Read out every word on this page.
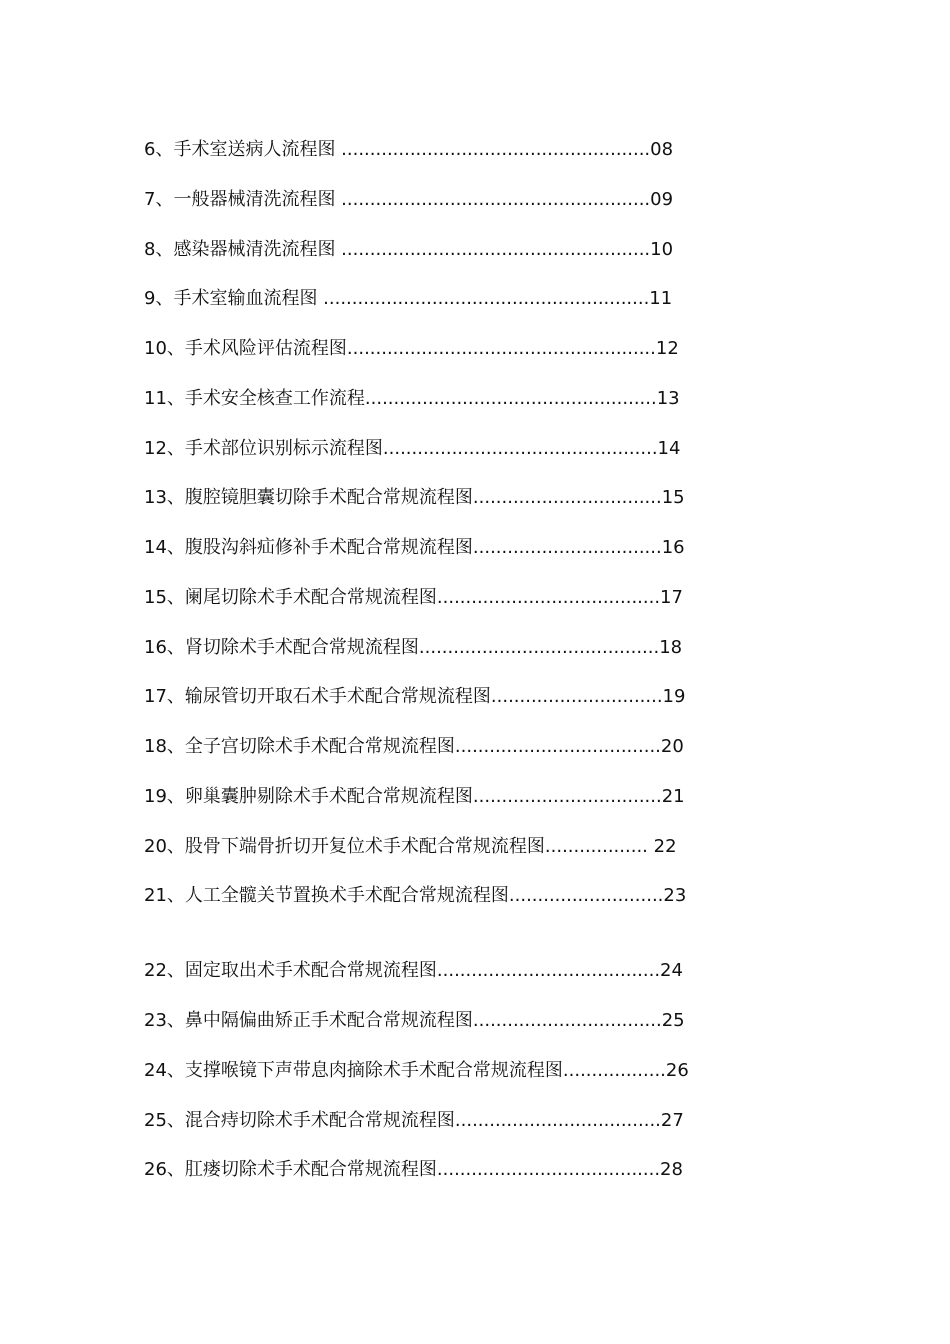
6、手术室送病人流程图 ......................................................08
7、一般器械清洗流程图 ......................................................09
8、感染器械清洗流程图 ......................................................10
9、手术室输血流程图 .........................................................11
10、手术风险评估流程图......................................................12
11、手术安全核查工作流程...................................................13
12、手术部位识别标示流程图................................................14
13、腹腔镜胆囊切除手术配合常规流程图.................................15
14、腹股沟斜疝修补手术配合常规流程图.................................16
15、阑尾切除术手术配合常规流程图.......................................17
16、肾切除术手术配合常规流程图..........................................18
17、输尿管切开取石术手术配合常规流程图..............................19
18、全子宫切除术手术配合常规流程图....................................20
19、卵巢囊肿剔除术手术配合常规流程图.................................21
20、股骨下端骨折切开复位术手术配合常规流程图.................. 22
21、人工全髋关节置换术手术配合常规流程图...........................23
22、固定取出术手术配合常规流程图.......................................24
23、鼻中隔偏曲矫正手术配合常规流程图.................................25
24、支撑喉镜下声带息肉摘除术手术配合常规流程图..................26
25、混合痔切除术手术配合常规流程图....................................27
26、肛瘘切除术手术配合常规流程图.......................................28
